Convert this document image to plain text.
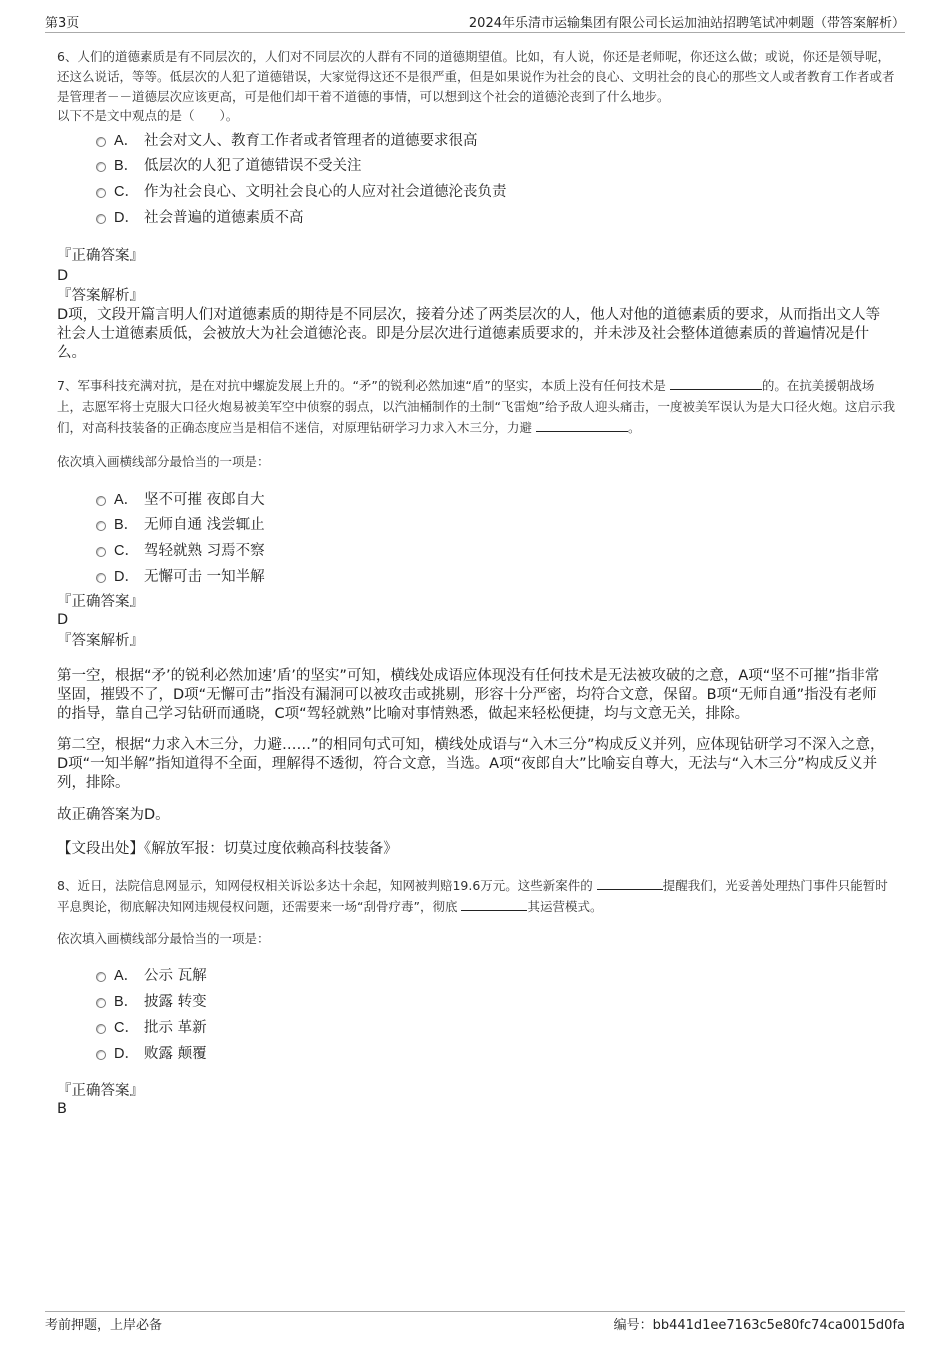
第3页	2024年乐清市运输集团有限公司长运加油站招聘笔试冲刺题（带答案解析）
6、人们的道德素质是有不同层次的，人们对不同层次的人群有不同的道德期望值。比如，有人说，你还是老师呢，你还这么做；或说，你还是领导呢，还这么说话，等等。低层次的人犯了道德错误，大家觉得这还不是很严重，但是如果说作为社会的良心、文明社会的良心的那些文人或者教育工作者或者是管理者－－道德层次应该更高，可是他们却干着不道德的事情，可以想到这个社会的道德沦丧到了什么地步。
以下不是文中观点的是（　　）。
A． 社会对文人、教育工作者或者管理者的道德要求很高
B． 低层次的人犯了道德错误不受关注
C． 作为社会良心、文明社会良心的人应对社会道德沦丧负责
D． 社会普遍的道德素质不高
『正确答案』
D
『答案解析』
D项，文段开篇言明人们对道德素质的期待是不同层次，接着分述了两类层次的人，他人对他的道德素质的要求，从而指出文人等社会人士道德素质低，会被放大为社会道德沦丧。即是分层次进行道德素质要求的，并未涉及社会整体道德素质的普遍情况是什么。
7、军事科技充满对抗，是在对抗中螺旋发展上升的。“矛”的锐利必然加速“盾”的坚实，本质上没有任何技术是	的。在抗美援朝战场上，志愿军将士克服大口径火炮易被美军空中侦察的弱点，以汽油桶制作的土制“飞雷炮”给予敌人迎头痛击，一度被美军误认为是大口径火炮。这启示我们，对高科技装备的正确态度应当是相信不迷信，对原理钻研学习力求入木三分，力避	。
依次填入画横线部分最恰当的一项是：
A． 坚不可摧 夜郎自大
B． 无师自通 浅尝辄止
C． 驾轻就熟 习焉不察
D． 无懈可击 一知半解
『正确答案』
D
『答案解析』
第一空，根据“矛’的锐利必然加速’盾’的坚实”可知，横线处成语应体现没有任何技术是无法被攻破的之意，A项“坚不可摧”指非常坚固，摧毁不了，D项“无懈可击”指没有漏洞可以被攻击或挑剔，形容十分严密，均符合文意，保留。B项“无师自通”指没有老师的指导，靠自己学习钻研而通晓，C项“驾轻就熟”比喻对事情熟悉，做起来轻松便捷，均与文意无关，排除。
第二空，根据“力求入木三分，力避……”的相同句式可知，横线处成语与“入木三分”构成反义并列，应体现钻研学习不深入之意，D项“一知半解”指知道得不全面，理解得不透彻，符合文意，当选。A项“夜郎自大”比喻妄自尊大，无法与“入木三分”构成反义并列，排除。
故正确答案为D。
【文段出处】《解放军报：切莫过度依赖高科技装备》
8、近日，法院信息网显示，知网侵权相关诉讼多达十余起，知网被判赔19.6万元。这些新案件的	提醒我们，光妥善处理热门事件只能暂时平息舆论，彻底解决知网违规侵权问题，还需要来一场“刮骨疗毒”，彻底	其运营模式。
依次填入画横线部分最恰当的一项是：
A． 公示 瓦解
B． 披露 转变
C． 批示 革新
D． 败露 颠覆
『正确答案』
B
考前押题，上岸必备	编号：bb441d1ee7163c5e80fc74ca0015d0fa
